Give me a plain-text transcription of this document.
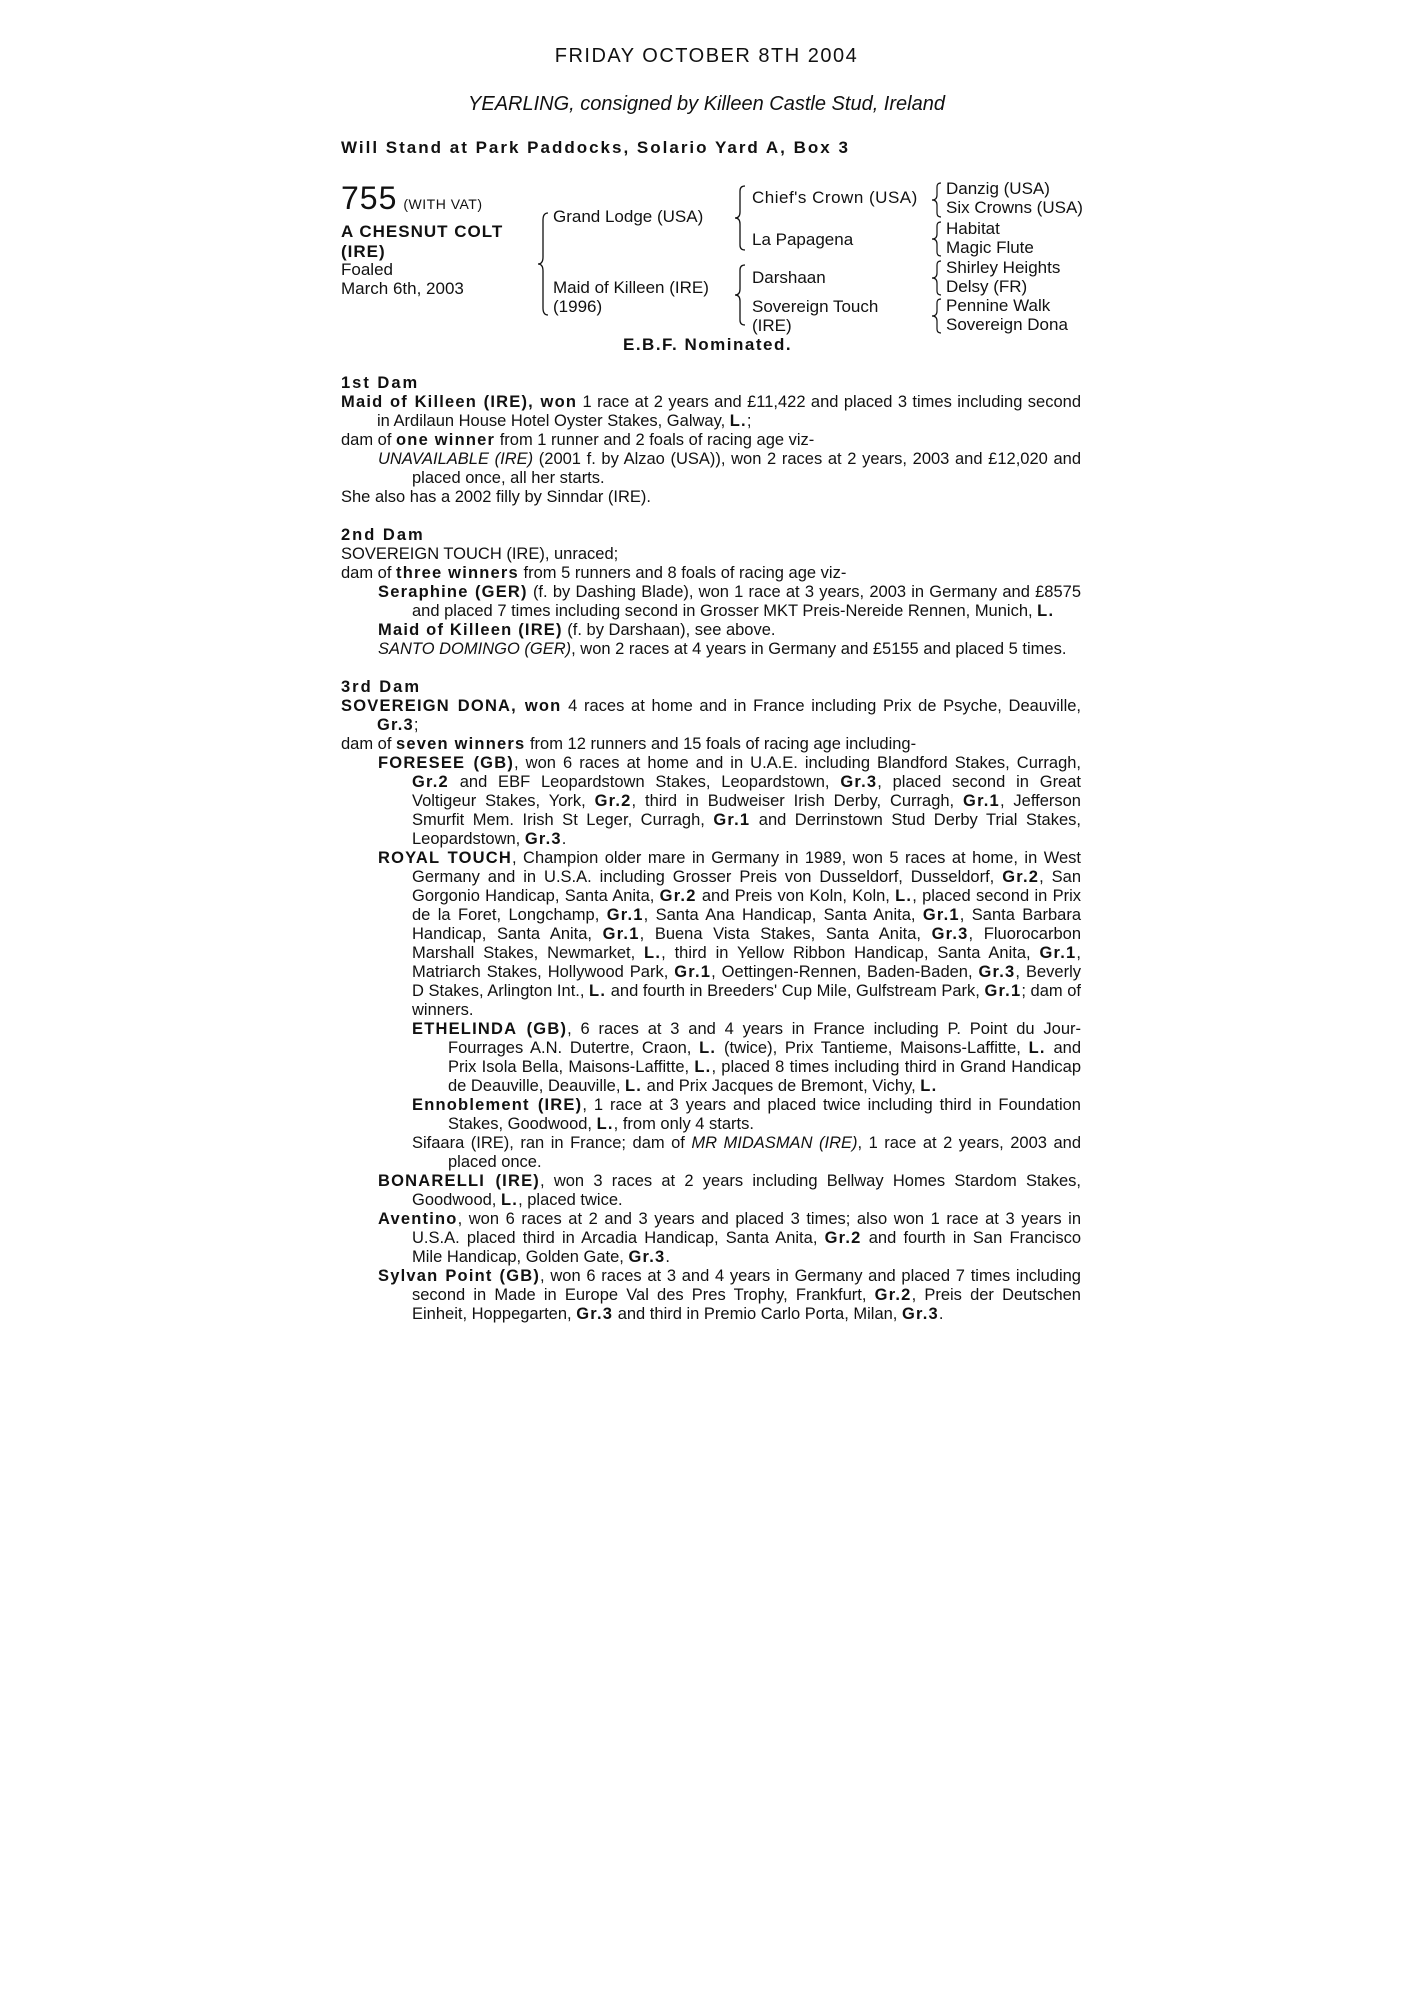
FRIDAY OCTOBER 8TH 2004
YEARLING, consigned by Killeen Castle Stud, Ireland
Will Stand at Park Paddocks, Solario Yard A, Box 3
755 (WITH VAT)
A CHESNUT COLT
(IRE)
Foaled
March 6th, 2003
Grand Lodge (USA)
Maid of Killeen (IRE)
(1996)
Chief's Crown (USA)
La Papagena
Darshaan
Sovereign Touch
(IRE)
Danzig (USA)
Six Crowns (USA)
Habitat
Magic Flute
Shirley Heights
Delsy (FR)
Pennine Walk
Sovereign Dona
E.B.F. Nominated.

1st Dam

Maid of Killeen (IRE), won 1 race at 2 years and £11,422 and placed 3 times including second in Ardilaun House Hotel Oyster Stakes, Galway, L.;

dam of one winner from 1 runner and 2 foals of racing age viz-

UNAVAILABLE (IRE) (2001 f. by Alzao (USA)), won 2 races at 2 years, 2003 and £12,020 and placed once, all her starts.

She also has a 2002 filly by Sinndar (IRE).

2nd Dam

SOVEREIGN TOUCH (IRE), unraced;

dam of three winners from 5 runners and 8 foals of racing age viz-

Seraphine (GER) (f. by Dashing Blade), won 1 race at 3 years, 2003 in Germany and £8575 and placed 7 times including second in Grosser MKT Preis-Nereide Rennen, Munich, L.

Maid of Killeen (IRE) (f. by Darshaan), see above.

SANTO DOMINGO (GER), won 2 races at 4 years in Germany and £5155 and placed 5 times.

3rd Dam

SOVEREIGN DONA, won 4 races at home and in France including Prix de Psyche, Deauville, Gr.3;

dam of seven winners from 12 runners and 15 foals of racing age including-

FORESEE (GB), won 6 races at home and in U.A.E. including Blandford Stakes, Curragh, Gr.2 and EBF Leopardstown Stakes, Leopardstown, Gr.3, placed second in Great Voltigeur Stakes, York, Gr.2, third in Budweiser Irish Derby, Curragh, Gr.1, Jefferson Smurfit Mem. Irish St Leger, Curragh, Gr.1 and Derrinstown Stud Derby Trial Stakes, Leopardstown, Gr.3.

ROYAL TOUCH, Champion older mare in Germany in 1989, won 5 races at home, in West Germany and in U.S.A. including Grosser Preis von Dusseldorf, Dusseldorf, Gr.2, San Gorgonio Handicap, Santa Anita, Gr.2 and Preis von Koln, Koln, L., placed second in Prix de la Foret, Longchamp, Gr.1, Santa Ana Handicap, Santa Anita, Gr.1, Santa Barbara Handicap, Santa Anita, Gr.1, Buena Vista Stakes, Santa Anita, Gr.3, Fluorocarbon Marshall Stakes, Newmarket, L., third in Yellow Ribbon Handicap, Santa Anita, Gr.1, Matriarch Stakes, Hollywood Park, Gr.1, Oettingen-Rennen, Baden-Baden, Gr.3, Beverly D Stakes, Arlington Int., L. and fourth in Breeders' Cup Mile, Gulfstream Park, Gr.1; dam of winners.

ETHELINDA (GB), 6 races at 3 and 4 years in France including P. Point du Jour-Fourrages A.N. Dutertre, Craon, L. (twice), Prix Tantieme, Maisons-Laffitte, L. and Prix Isola Bella, Maisons-Laffitte, L., placed 8 times including third in Grand Handicap de Deauville, Deauville, L. and Prix Jacques de Bremont, Vichy, L.

Ennoblement (IRE), 1 race at 3 years and placed twice including third in Foundation Stakes, Goodwood, L., from only 4 starts.

Sifaara (IRE), ran in France; dam of MR MIDASMAN (IRE), 1 race at 2 years, 2003 and placed once.

BONARELLI (IRE), won 3 races at 2 years including Bellway Homes Stardom Stakes, Goodwood, L., placed twice.

Aventino, won 6 races at 2 and 3 years and placed 3 times; also won 1 race at 3 years in U.S.A. placed third in Arcadia Handicap, Santa Anita, Gr.2 and fourth in San Francisco Mile Handicap, Golden Gate, Gr.3.

Sylvan Point (GB), won 6 races at 3 and 4 years in Germany and placed 7 times including second in Made in Europe Val des Pres Trophy, Frankfurt, Gr.2, Preis der Deutschen Einheit, Hoppegarten, Gr.3 and third in Premio Carlo Porta, Milan, Gr.3.
